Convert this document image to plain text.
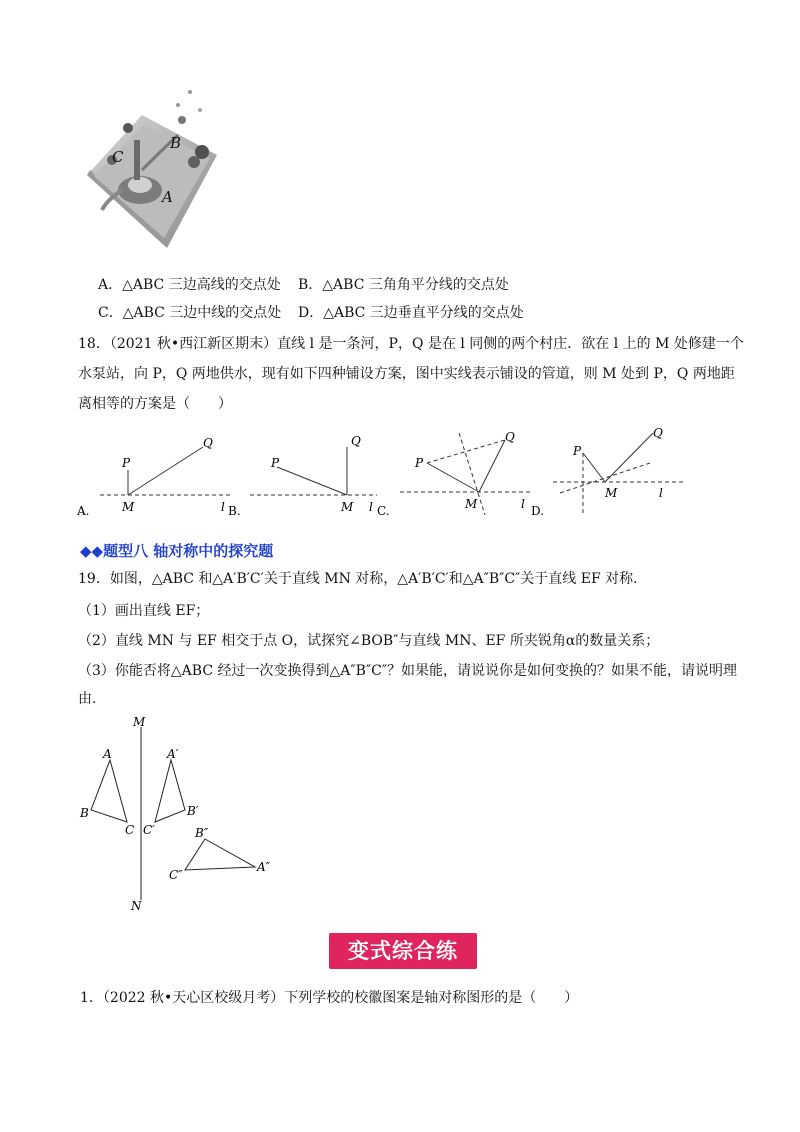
B
C
A
A．△ABC 三边高线的交点处 B．△ABC 三角角平分线的交点处
C．△ABC 三边中线的交点处 D．△ABC 三边垂直平分线的交点处
18．（2021 秋•西江新区期末）直线 l 是一条河，P，Q 是在 l 同侧的两个村庄．欲在 l 上的 M 处修建一个
水泵站，向 P，Q 两地供水，现有如下四种铺设方案，图中实线表示铺设的管道，则 M 处到 P，Q 两地距
离相等的方案是（　　）
P
Q
M	l
A.
P
Q
M l
B.
P
Q
M	l
C.
P
Q
M	l
D.
◆◆题型八 轴对称中的探究题
19．如图，△ABC 和△A′B′C′关于直线 MN 对称，△A′B′C′和△A″B″C″关于直线 EF 对称．
（1）画出直线 EF；
（2）直线 MN 与 EF 相交于点 O，试探究∠BOB″与直线 MN、EF 所夹锐角α的数量关系；
（3）你能否将△ABC 经过一次变换得到△A″B″C″？如果能，请说说你是如何变换的？如果不能，请说明理
由．
M
N
A
B
C
A′
B′
C′	B″
A″
C″
变式综合练
1．（2022 秋•天心区校级月考）下列学校的校徽图案是轴对称图形的是（　　）
